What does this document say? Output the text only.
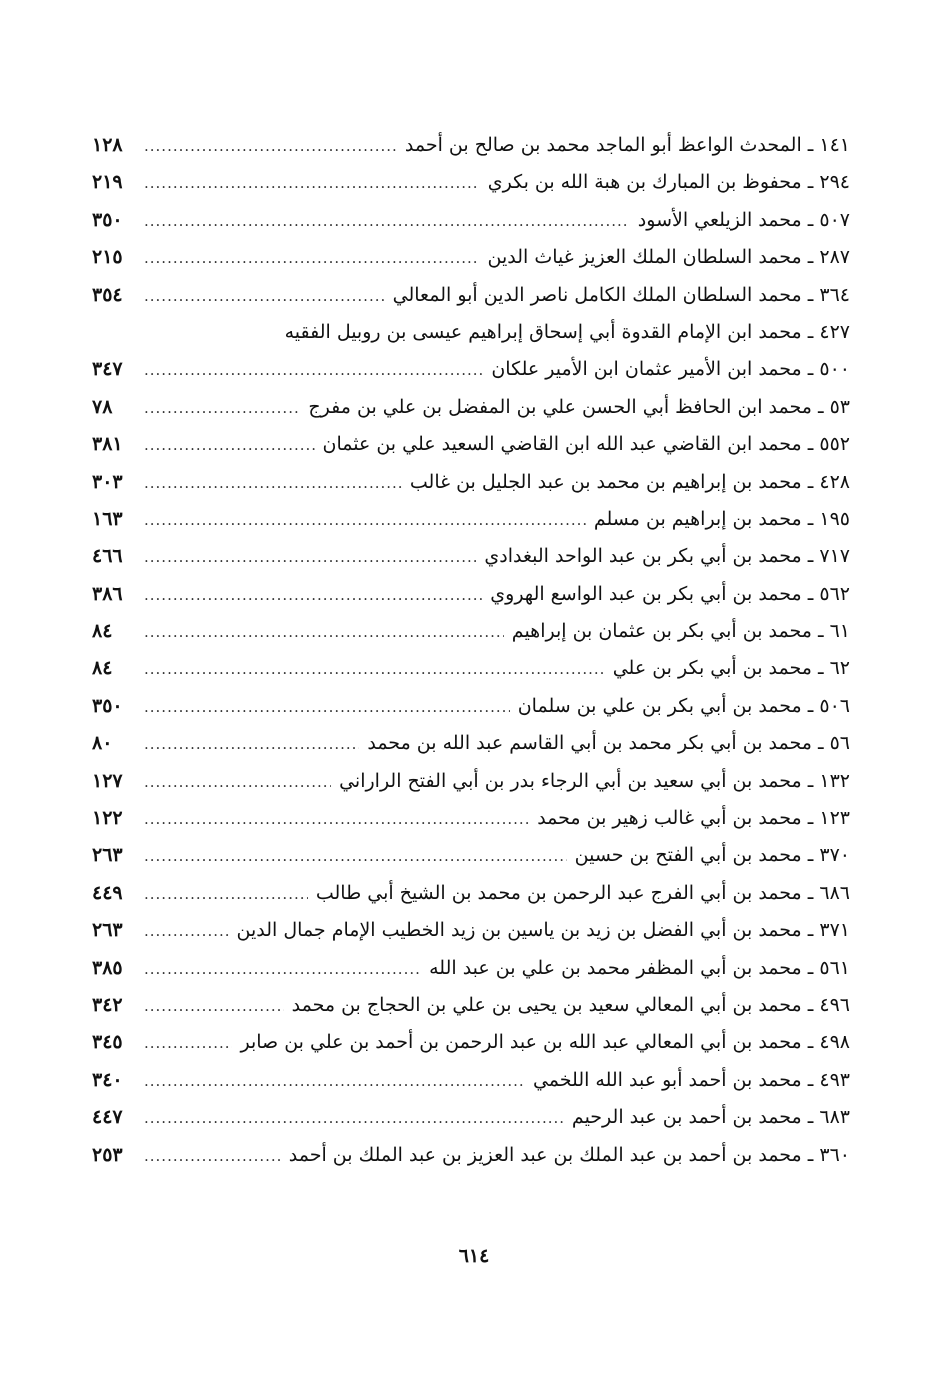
١٤١ ـ المحدث الواعظ أبو الماجد محمد بن صالح بن أحمد
.....
١٢٨
٢٩٤ ـ محفوظ بن المبارك بن هبة الله بن بكري
.....
٢١٩
٥٠٧ ـ محمد الزيلعي الأسود
.....
٣٥٠
٢٨٧ ـ محمد السلطان الملك العزيز غياث الدين
.....
٢١٥
٣٦٤ ـ محمد السلطان الملك الكامل ناصر الدين أبو المعالي
.....
٣٥٤
٤٢٧ ـ محمد ابن الإمام القدوة أبي إسحاق إبراهيم عيسى بن روبيل الفقيه
٥٠٠ ـ محمد ابن الأمير عثمان ابن الأمير علكان
.....
٣٤٧
٥٣ ـ محمد ابن الحافظ أبي الحسن علي بن المفضل بن علي بن مفرج
.....
٧٨
٥٥٢ ـ محمد ابن القاضي عبد الله ابن القاضي السعيد علي بن عثمان
.....
٣٨١
٤٢٨ ـ محمد بن إبراهيم بن محمد بن عبد الجليل بن غالب
.....
٣٠٣
١٩٥ ـ محمد بن إبراهيم بن مسلم
.....
١٦٣
٧١٧ ـ محمد بن أبي بكر بن عبد الواحد البغدادي
.....
٤٦٦
٥٦٢ ـ محمد بن أبي بكر بن عبد الواسع الهروي
.....
٣٨٦
٦١ ـ محمد بن أبي بكر بن عثمان بن إبراهيم
.....
٨٤
٦٢ ـ محمد بن أبي بكر بن علي
.....
٨٤
٥٠٦ ـ محمد بن أبي بكر بن علي بن سلمان
.....
٣٥٠
٥٦ ـ محمد بن أبي بكر محمد بن أبي القاسم عبد الله بن محمد
.....
٨٠
١٣٢ ـ محمد بن أبي سعيد بن أبي الرجاء بدر بن أبي الفتح الراراني
.....
١٢٧
١٢٣ ـ محمد بن أبي غالب زهير بن محمد
.....
١٢٢
٣٧٠ ـ محمد بن أبي الفتح بن حسين
.....
٢٦٣
٦٨٦ ـ محمد بن أبي الفرج عبد الرحمن بن محمد بن الشيخ أبي طالب
.....
٤٤٩
٣٧١ ـ محمد بن أبي الفضل بن زيد بن ياسين بن زيد الخطيب الإمام جمال الدين
.....
٢٦٣
٥٦١ ـ محمد بن أبي المظفر محمد بن علي بن عبد الله
.....
٣٨٥
٤٩٦ ـ محمد بن أبي المعالي سعيد بن يحيى بن علي بن الحجاج بن محمد
.....
٣٤٢
٤٩٨ ـ محمد بن أبي المعالي عبد الله بن عبد الرحمن بن أحمد بن علي بن صابر
.....
٣٤٥
٤٩٣ ـ محمد بن أحمد أبو عبد الله اللخمي
.....
٣٤٠
٦٨٣ ـ محمد بن أحمد بن عبد الرحيم
.....
٤٤٧
٣٦٠ ـ محمد بن أحمد بن عبد الملك بن عبد العزيز بن عبد الملك بن أحمد
.....
٢٥٣
٦١٤
